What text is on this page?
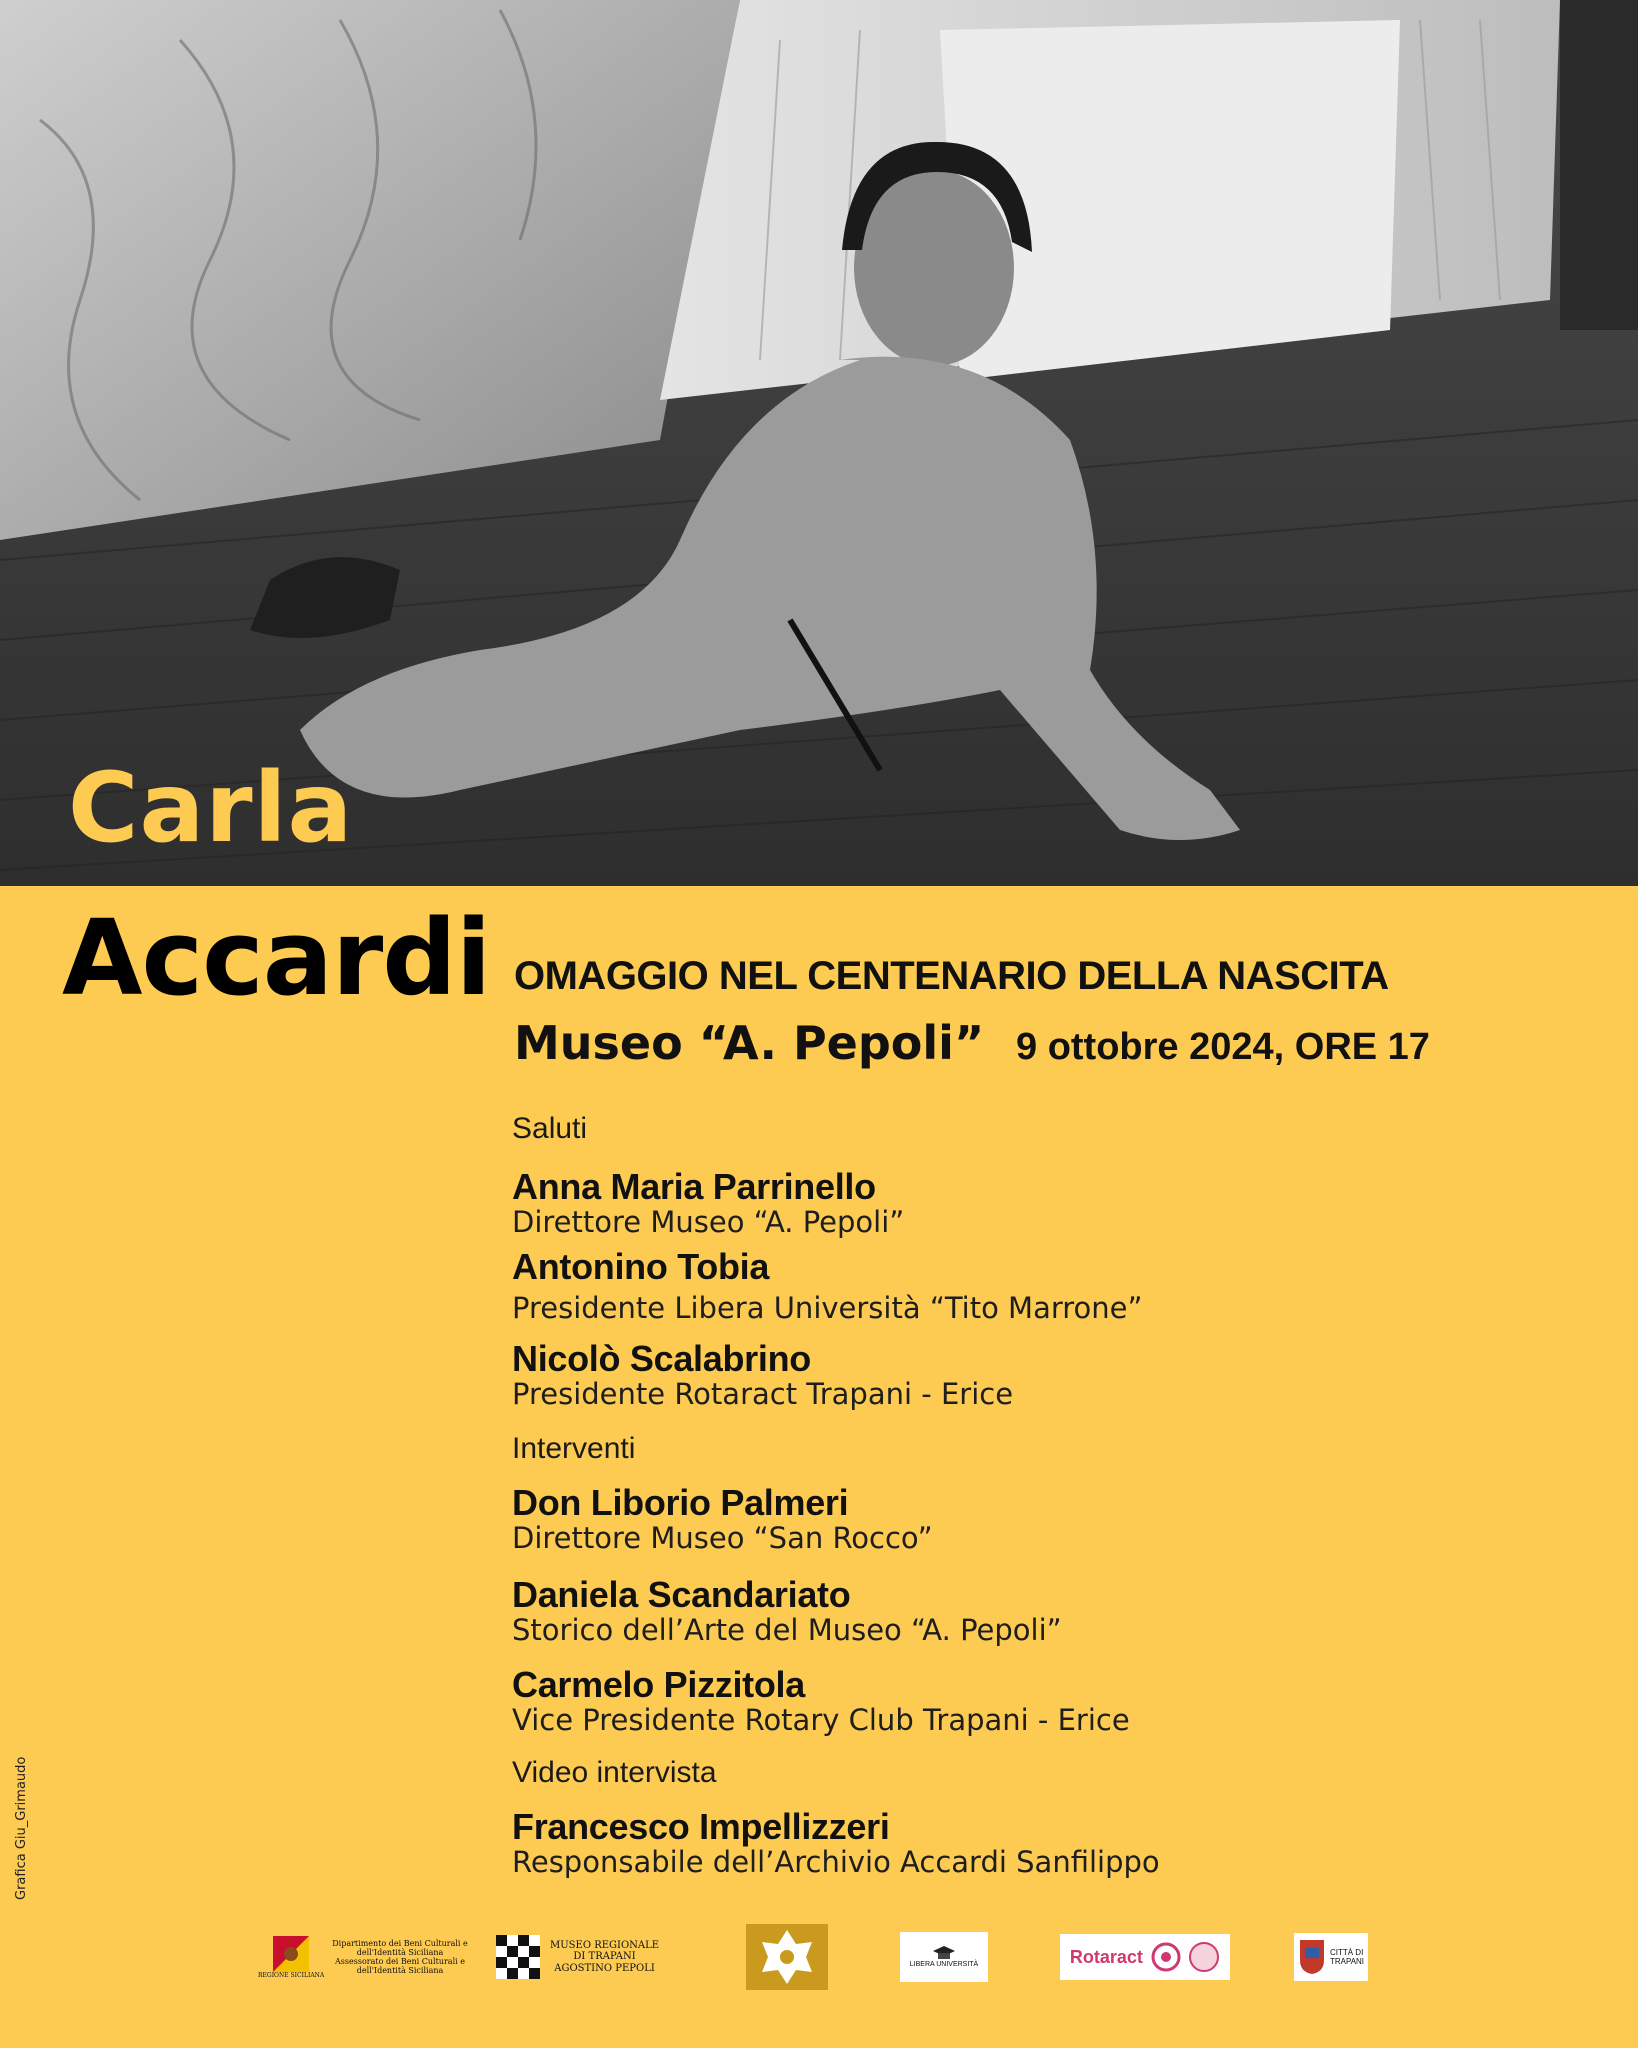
Carla
Accardi OMAGGIO NEL CENTENARIO DELLA NASCITA
Museo “A. Pepoli” 9 ottobre 2024, ORE 17
Saluti
Anna Maria Parrinello
Direttore Museo “A. Pepoli”
Antonino Tobia
Presidente Libera Università “Tito Marrone”
Nicolò Scalabrino
Presidente Rotaract Trapani - Erice
Interventi
Don Liborio Palmeri
Direttore Museo “San Rocco”
Daniela Scandariato
Storico dell’Arte del Museo “A. Pepoli”
Carmelo Pizzitola
Vice Presidente Rotary Club Trapani - Erice
Video intervista
Francesco Impellizzeri
Responsabile dell’Archivio Accardi Sanfilippo
Grafica Giu_Grimaudo
REGIONE SICILIANA
Dipartimento dei Beni Culturali e
dell'Identità Siciliana
Assessorato dei Beni Culturali e
dell'Identità Siciliana
MUSEO REGIONALE
DI TRAPANI
AGOSTINO PEPOLI	LIBERA UNIVERSITÀ	Rotaract	CITTÀ DI
TRAPANI
